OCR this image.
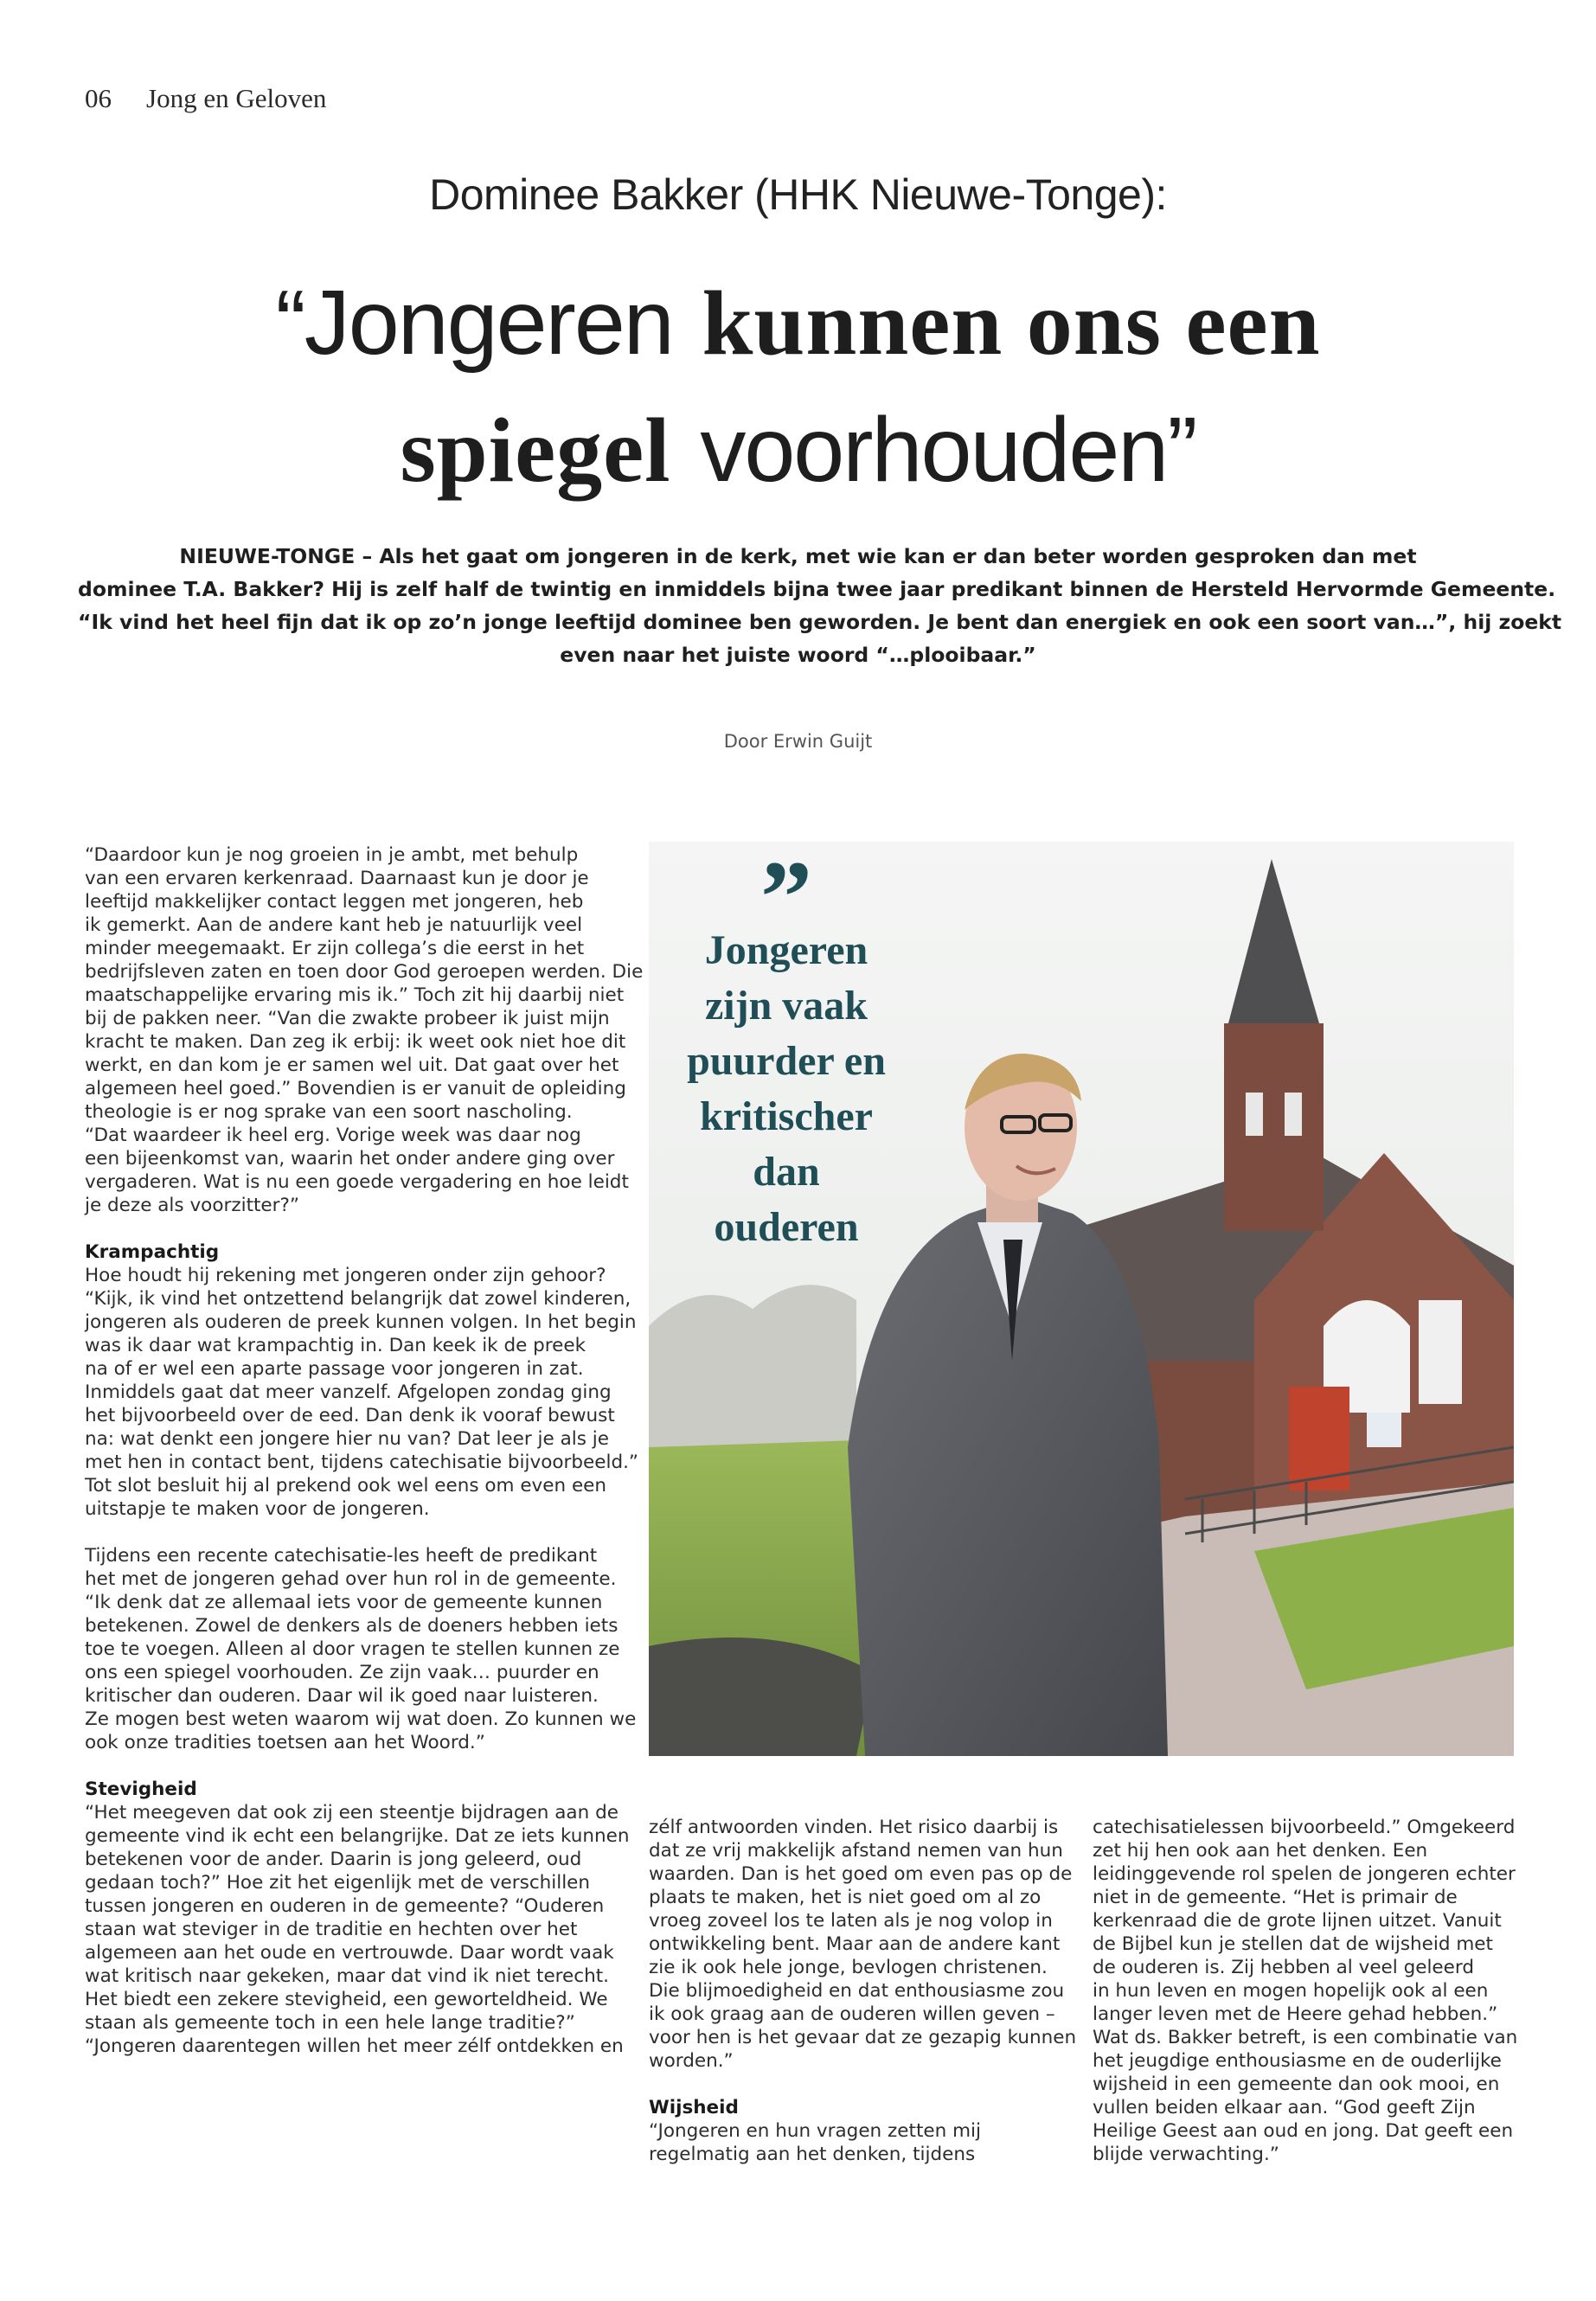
06 Jong en Geloven
Dominee Bakker (HHK Nieuwe-Tonge):
“Jongeren kunnen ons een
spiegel voorhouden”
NIEUWE-TONGE – Als het gaat om jongeren in de kerk, met wie kan er dan beter worden gesproken dan met
dominee T.A. Bakker? Hij is zelf half de twintig en inmiddels bijna twee jaar predikant binnen de Hersteld Hervormde Gemeente.
“Ik vind het heel fijn dat ik op zo’n jonge leeftijd dominee ben geworden. Je bent dan energiek en ook een soort van…”, hij zoekt
even naar het juiste woord “…plooibaar.”
Door Erwin Guijt
“Daardoor kun je nog groeien in je ambt, met behulp
van een ervaren kerkenraad. Daarnaast kun je door je
leeftijd makkelijker contact leggen met jongeren, heb
ik gemerkt. Aan de andere kant heb je natuurlijk veel
minder meegemaakt. Er zijn collega’s die eerst in het
bedrijfsleven zaten en toen door God geroepen werden. Die
maatschappelijke ervaring mis ik.” Toch zit hij daarbij niet
bij de pakken neer. “Van die zwakte probeer ik juist mijn
kracht te maken. Dan zeg ik erbij: ik weet ook niet hoe dit
werkt, en dan kom je er samen wel uit. Dat gaat over het
algemeen heel goed.” Bovendien is er vanuit de opleiding
theologie is er nog sprake van een soort nascholing.
“Dat waardeer ik heel erg. Vorige week was daar nog
een bijeenkomst van, waarin het onder andere ging over
vergaderen. Wat is nu een goede vergadering en hoe leidt
je deze als voorzitter?”

Krampachtig

Hoe houdt hij rekening met jongeren onder zijn gehoor?
“Kijk, ik vind het ontzettend belangrijk dat zowel kinderen,
jongeren als ouderen de preek kunnen volgen. In het begin
was ik daar wat krampachtig in. Dan keek ik de preek
na of er wel een aparte passage voor jongeren in zat.
Inmiddels gaat dat meer vanzelf. Afgelopen zondag ging
het bijvoorbeeld over de eed. Dan denk ik vooraf bewust
na: wat denkt een jongere hier nu van? Dat leer je als je
met hen in contact bent, tijdens catechisatie bijvoorbeeld.”
Tot slot besluit hij al prekend ook wel eens om even een
uitstapje te maken voor de jongeren.
Tijdens een recente catechisatie-les heeft de predikant
het met de jongeren gehad over hun rol in de gemeente.
“Ik denk dat ze allemaal iets voor de gemeente kunnen
betekenen. Zowel de denkers als de doeners hebben iets
toe te voegen. Alleen al door vragen te stellen kunnen ze
ons een spiegel voorhouden. Ze zijn vaak… puurder en
kritischer dan ouderen. Daar wil ik goed naar luisteren.
Ze mogen best weten waarom wij wat doen. Zo kunnen we
ook onze tradities toetsen aan het Woord.”

Stevigheid

“Het meegeven dat ook zij een steentje bijdragen aan de
gemeente vind ik echt een belangrijke. Dat ze iets kunnen
betekenen voor de ander. Daarin is jong geleerd, oud
gedaan toch?” Hoe zit het eigenlijk met de verschillen
tussen jongeren en ouderen in de gemeente? “Ouderen
staan wat steviger in de traditie en hechten over het
algemeen aan het oude en vertrouwde. Daar wordt vaak
wat kritisch naar gekeken, maar dat vind ik niet terecht.
Het biedt een zekere stevigheid, een geworteldheid. We
staan als gemeente toch in een hele lange traditie?”
“Jongeren daarentegen willen het meer zélf ontdekken en
”
Jongeren
zijn vaak
puurder en
kritischer
dan
ouderen
zélf antwoorden vinden. Het risico daarbij is
dat ze vrij makkelijk afstand nemen van hun
waarden. Dan is het goed om even pas op de
plaats te maken, het is niet goed om al zo
vroeg zoveel los te laten als je nog volop in
ontwikkeling bent. Maar aan de andere kant
zie ik ook hele jonge, bevlogen christenen.
Die blijmoedigheid en dat enthousiasme zou
ik ook graag aan de ouderen willen geven –
voor hen is het gevaar dat ze gezapig kunnen
worden.”

Wijsheid

“Jongeren en hun vragen zetten mij
regelmatig aan het denken, tijdens
catechisatielessen bijvoorbeeld.” Omgekeerd
zet hij hen ook aan het denken. Een
leidinggevende rol spelen de jongeren echter
niet in de gemeente. “Het is primair de
kerkenraad die de grote lijnen uitzet. Vanuit
de Bijbel kun je stellen dat de wijsheid met
de ouderen is. Zij hebben al veel geleerd
in hun leven en mogen hopelijk ook al een
langer leven met de Heere gehad hebben.”
Wat ds. Bakker betreft, is een combinatie van
het jeugdige enthousiasme en de ouderlijke
wijsheid in een gemeente dan ook mooi, en
vullen beiden elkaar aan. “God geeft Zijn
Heilige Geest aan oud en jong. Dat geeft een
blijde verwachting.”
